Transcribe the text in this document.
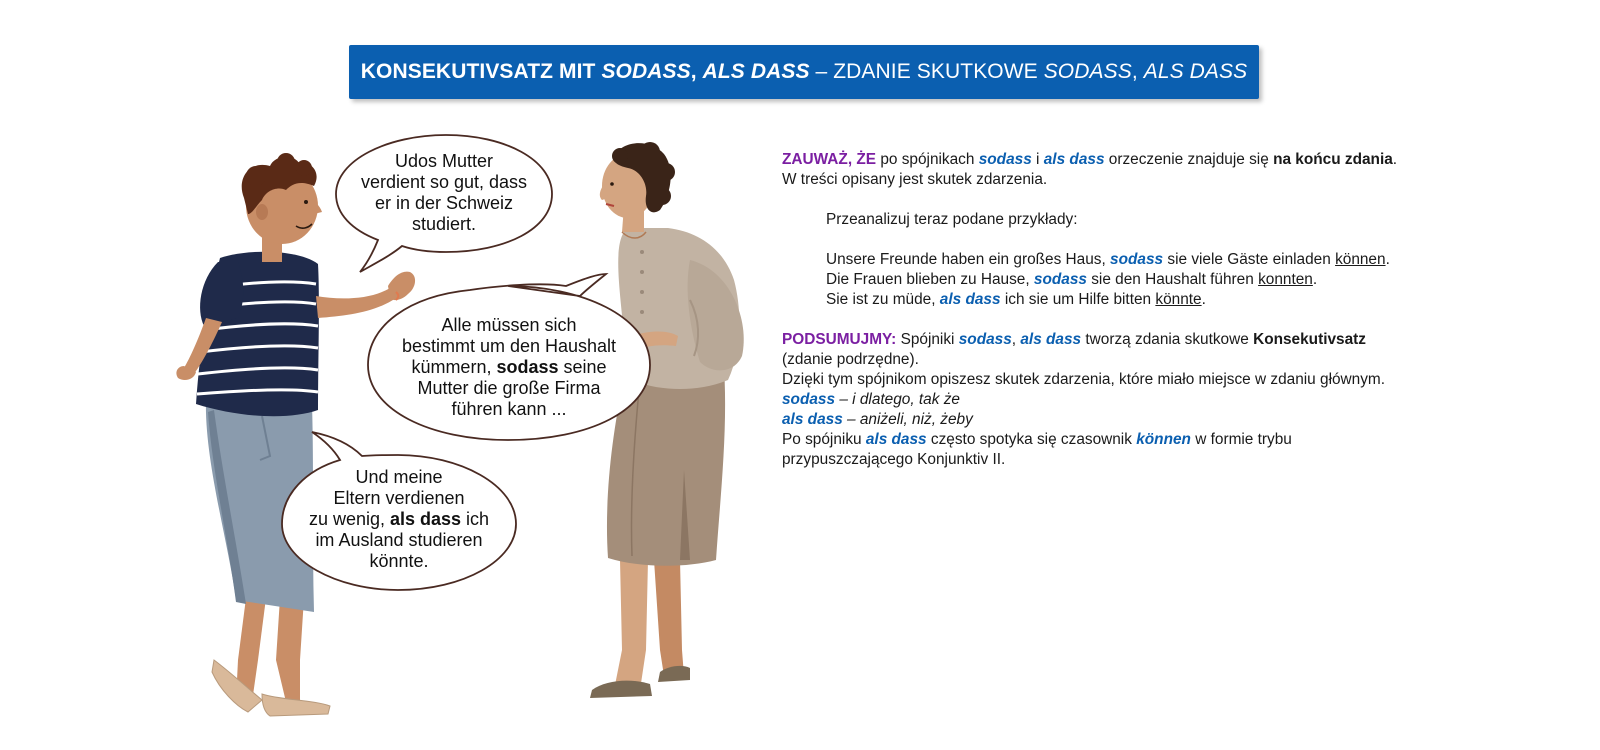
KONSEKUTIVSATZ MIT SODASS, ALS DASS – ZDANIE SKUTKOWE SODASS, ALS DASS
Udos Mutter
verdient so gut, dass
er in der Schweiz
studiert.
Alle müssen sich
bestimmt um den Haushalt
kümmern, sodass seine
Mutter die große Firma
führen kann ...
Und meine
Eltern verdienen
zu wenig, als dass ich
im Ausland studieren
könnte.

ZAUWAŻ, ŻE po spójnikach sodass i als dass orzeczenie znajduje się na końcu zdania.

W treści opisany jest skutek zdarzenia.

Przeanalizuj teraz podane przykłady:

Unsere Freunde haben ein großes Haus, sodass sie viele Gäste einladen können.

Die Frauen blieben zu Hause, sodass sie den Haushalt führen konnten.

Sie ist zu müde, als dass ich sie um Hilfe bitten könnte.

PODSUMUJMY: Spójniki sodass, als dass tworzą zdania skutkowe Konsekutivsatz

(zdanie podrzędne).

Dzięki tym spójnikom opiszesz skutek zdarzenia, które miało miejsce w zdaniu głównym.

sodass – i dlatego, tak że

als dass – aniżeli, niż, żeby

Po spójniku als dass często spotyka się czasownik können w formie trybu

przypuszczającego Konjunktiv II.
